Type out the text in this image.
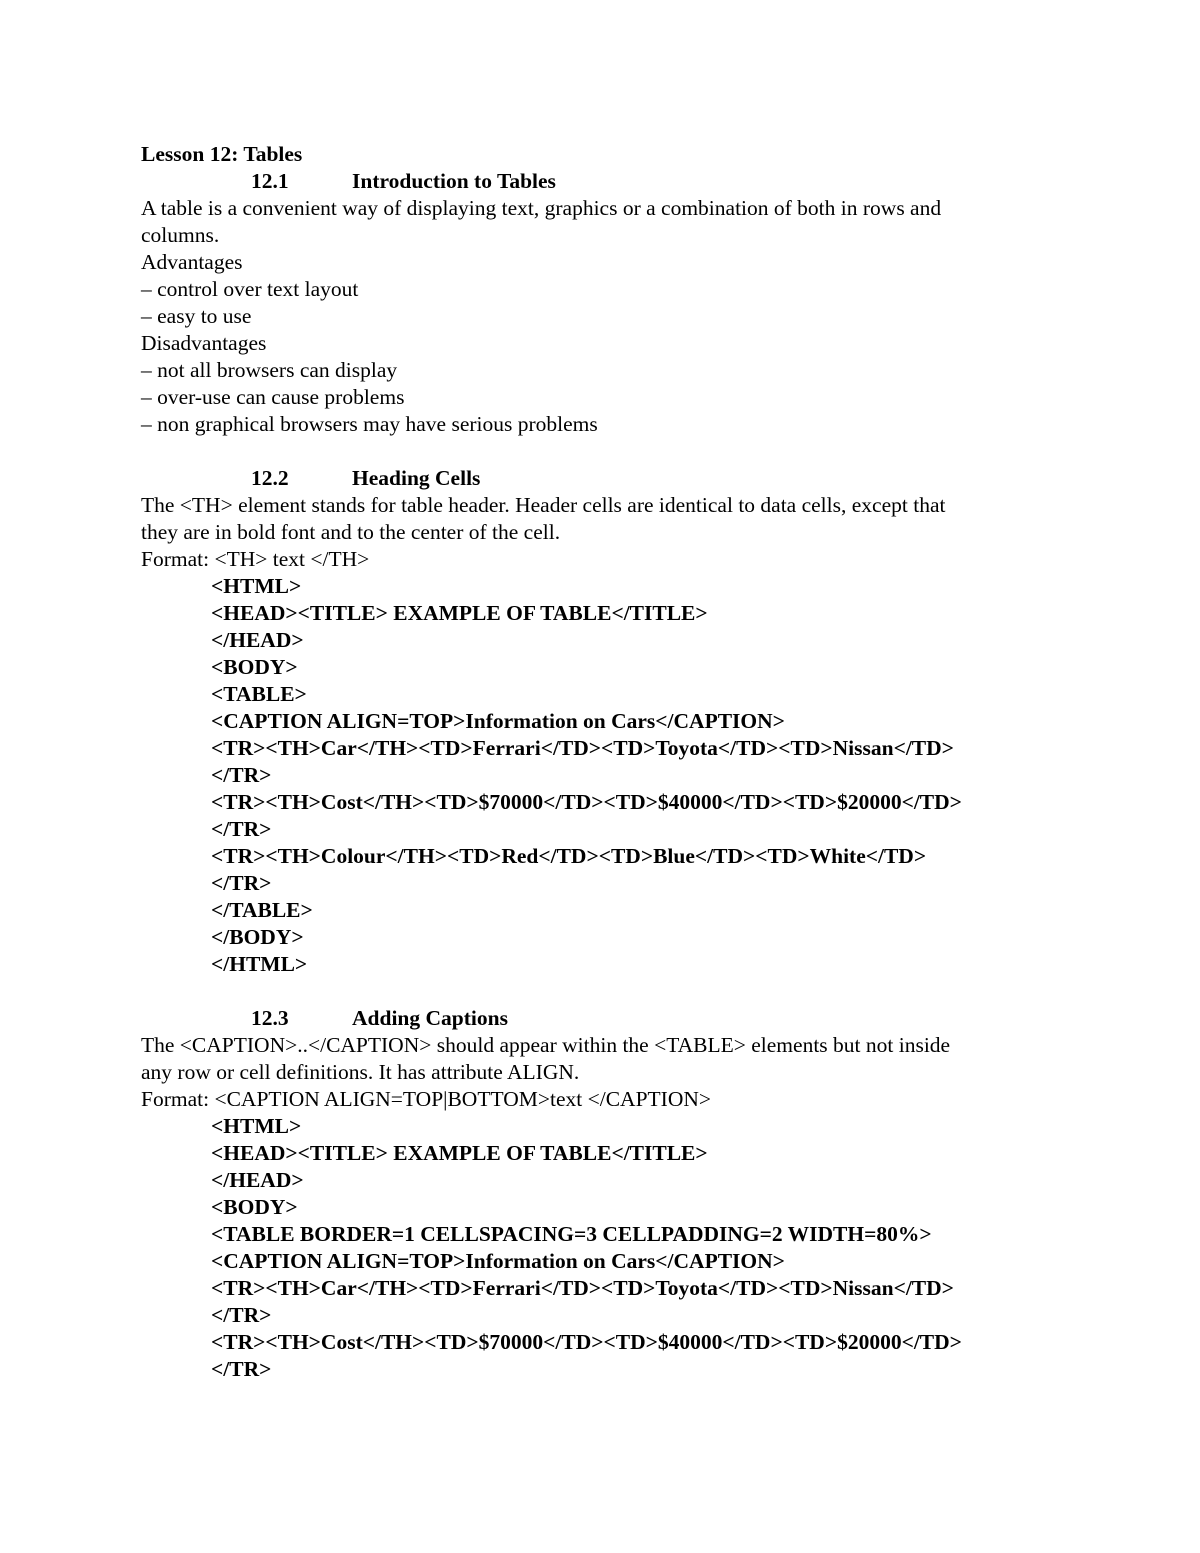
Lesson 12: Tables
12.1	Introduction to Tables
A table is a convenient way of displaying text, graphics or a combination of both in rows and
columns.
Advantages
– control over text layout
– easy to use
Disadvantages
– not all browsers can display
– over-use can cause problems
– non graphical browsers may have serious problems
12.2	Heading Cells
The <TH> element stands for table header. Header cells are identical to data cells, except that
they are in bold font and to the center of the cell.
Format: <TH> text </TH>
<HTML>
<HEAD><TITLE> EXAMPLE OF TABLE</TITLE>
</HEAD>
<BODY>
<TABLE>
<CAPTION ALIGN=TOP>Information on Cars</CAPTION>
<TR><TH>Car</TH><TD>Ferrari</TD><TD>Toyota</TD><TD>Nissan</TD>
</TR>
<TR><TH>Cost</TH><TD>$70000</TD><TD>$40000</TD><TD>$20000</TD>
</TR>
<TR><TH>Colour</TH><TD>Red</TD><TD>Blue</TD><TD>White</TD>
</TR>
</TABLE>
</BODY>
</HTML>
12.3	Adding Captions
The <CAPTION>..</CAPTION> should appear within the <TABLE> elements but not inside
any row or cell definitions. It has attribute ALIGN.
Format: <CAPTION ALIGN=TOP|BOTTOM>text </CAPTION>
<HTML>
<HEAD><TITLE> EXAMPLE OF TABLE</TITLE>
</HEAD>
<BODY>
<TABLE BORDER=1 CELLSPACING=3 CELLPADDING=2 WIDTH=80%>
<CAPTION ALIGN=TOP>Information on Cars</CAPTION>
<TR><TH>Car</TH><TD>Ferrari</TD><TD>Toyota</TD><TD>Nissan</TD>
</TR>
<TR><TH>Cost</TH><TD>$70000</TD><TD>$40000</TD><TD>$20000</TD>
</TR>
